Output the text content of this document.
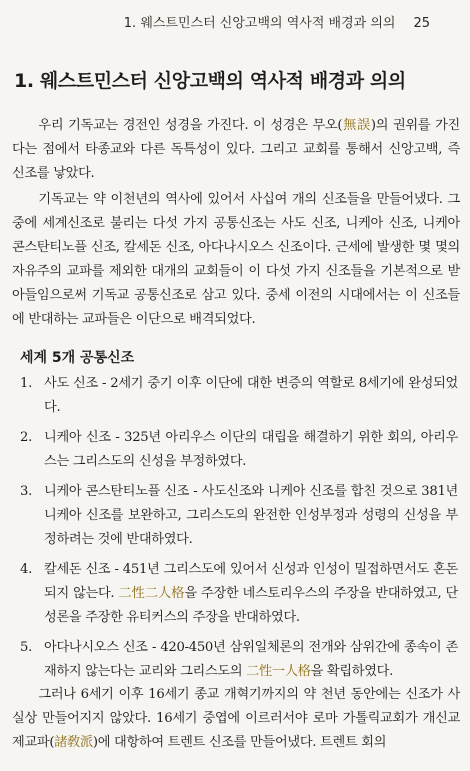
1. 웨스트민스터 신앙고백의 역사적 배경과 의의 25
1. 웨스트민스터 신앙고백의 역사적 배경과 의의

우리 기독교는 경전인 성경을 가진다. 이 성경은 무오(無誤)의 권위를 가진다는 점에서 타종교와 다른 독특성이 있다. 그리고 교회를 통해서 신앙고백, 즉 신조를 낳았다.

기독교는 약 이천년의 역사에 있어서 사십여 개의 신조들을 만들어냈다. 그 중에 세계신조로 불리는 다섯 가지 공통신조는 사도 신조, 니케아 신조, 니케아 콘스탄티노플 신조, 칼세돈 신조, 아다나시오스 신조이다. 근세에 발생한 몇 몇의 자유주의 교파를 제외한 대개의 교회들이 이 다섯 가지 신조들을 기본적으로 받아들임으로써 기독교 공통신조로 삼고 있다. 중세 이전의 시대에서는 이 신조들에 반대하는 교파들은 이단으로 배격되었다.

세계 5개 공통신조
1. 사도 신조 - 2세기 중기 이후 이단에 대한 변증의 역할로 8세기에 완성되었다.
2. 니케아 신조 - 325년 아리우스 이단의 대립을 해결하기 위한 회의, 아리우스는 그리스도의 신성을 부정하였다.
3. 니케아 콘스탄티노플 신조 - 사도신조와 니케아 신조를 합친 것으로 381년 니케아 신조를 보완하고, 그리스도의 완전한 인성부정과 성령의 신성을 부정하려는 것에 반대하였다.
4. 칼세돈 신조 - 451년 그리스도에 있어서 신성과 인성이 밀접하면서도 혼돈되지 않는다. 二性二人格을 주장한 네스토리우스의 주장을 반대하였고, 단성론을 주장한 유티커스의 주장을 반대하였다.
5. 아다나시오스 신조 - 420-450년 삼위일체론의 전개와 삼위간에 종속이 존재하지 않는다는 교리와 그리스도의 二性一人格을 확립하였다.
그러나 6세기 이후 16세기 종교 개혁기까지의 약 천년 동안에는 신조가 사실상 만들어지지 않았다. 16세기 중엽에 이르러서야 로마 가톨릭교회가 개신교 제교파(諸敎派)에 대항하여 트렌트 신조를 만들어냈다. 트렌트 회의
